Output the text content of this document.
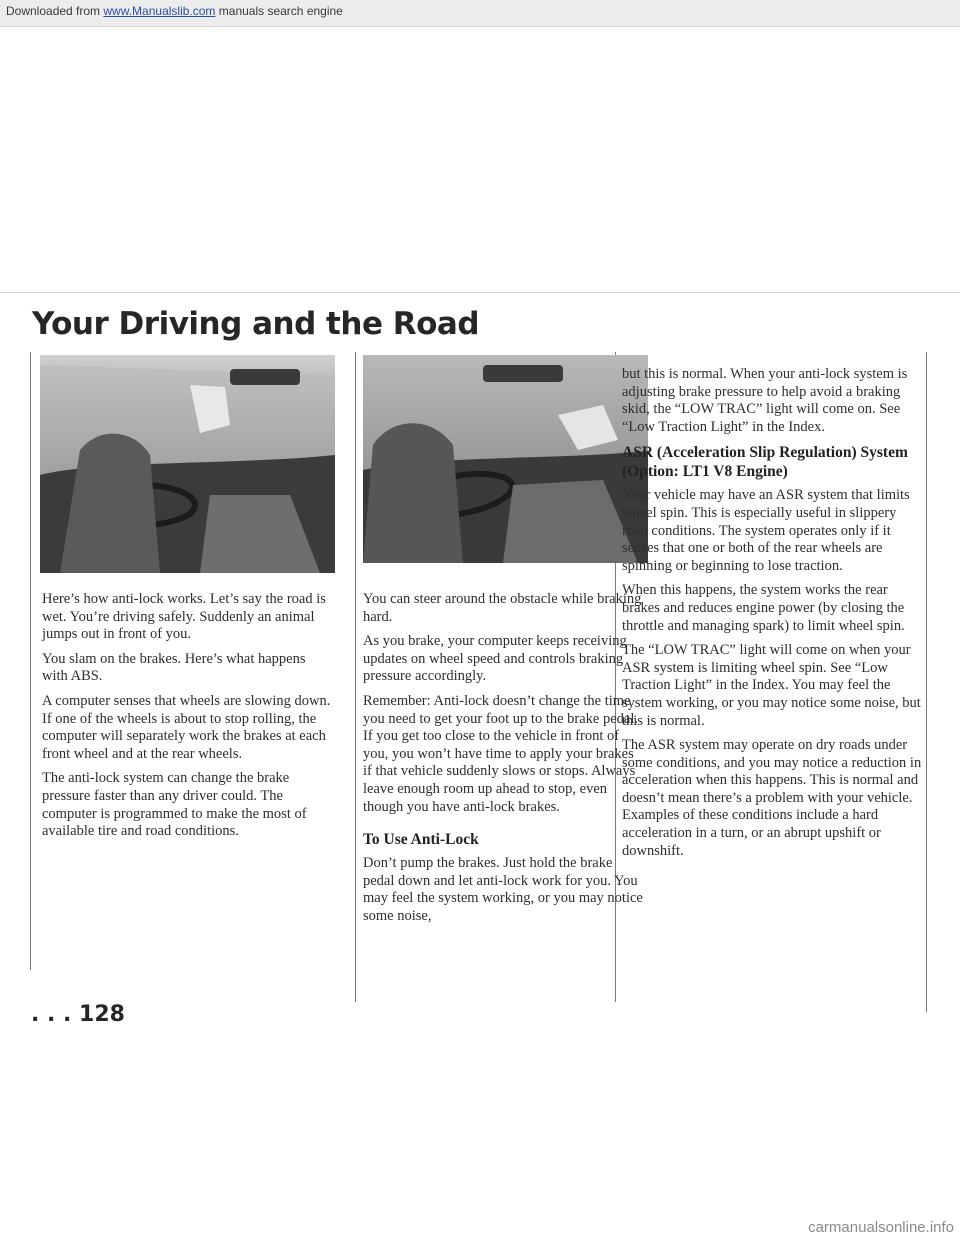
Downloaded from www.Manualslib.com manuals search engine
Your Driving and the Road

Here’s how anti-lock works. Let’s say the road is wet. You’re driving safely. Suddenly an animal jumps out in front of you.

You slam on the brakes. Here’s what happens with ABS.

A computer senses that wheels are slowing down. If one of the wheels is about to stop rolling, the computer will separately work the brakes at each front wheel and at the rear wheels.

The anti-lock system can change the brake pressure faster than any driver could. The computer is programmed to make the most of available tire and road conditions.

You can steer around the obstacle while braking hard.

As you brake, your computer keeps receiving updates on wheel speed and controls braking pressure accordingly.

Remember: Anti-lock doesn’t change the time you need to get your foot up to the brake pedal. If you get too close to the vehicle in front of you, you won’t have time to apply your brakes if that vehicle suddenly slows or stops. Always leave enough room up ahead to stop, even though you have anti-lock brakes.

To Use Anti-Lock

Don’t pump the brakes. Just hold the brake pedal down and let anti-lock work for you. You may feel the system working, or you may notice some noise,

but this is normal. When your anti-lock system is adjusting brake pressure to help avoid a braking skid, the “LOW TRAC” light will come on. See “Low Traction Light” in the Index.

ASR (Acceleration Slip Regulation) System (Option: LT1 V8 Engine)

Your vehicle may have an ASR system that limits wheel spin. This is especially useful in slippery road conditions. The system operates only if it senses that one or both of the rear wheels are spinning or beginning to lose traction.

When this happens, the system works the rear brakes and reduces engine power (by closing the throttle and managing spark) to limit wheel spin.

The “LOW TRAC” light will come on when your ASR system is limiting wheel spin. See “Low Traction Light” in the Index. You may feel the system working, or you may notice some noise, but this is normal.

The ASR system may operate on dry roads under some conditions, and you may notice a reduction in acceleration when this happens. This is normal and doesn’t mean there’s a problem with your vehicle. Examples of these conditions include a hard acceleration in a turn, or an abrupt upshift or downshift.

. . . 128
carmanualsonline.info
